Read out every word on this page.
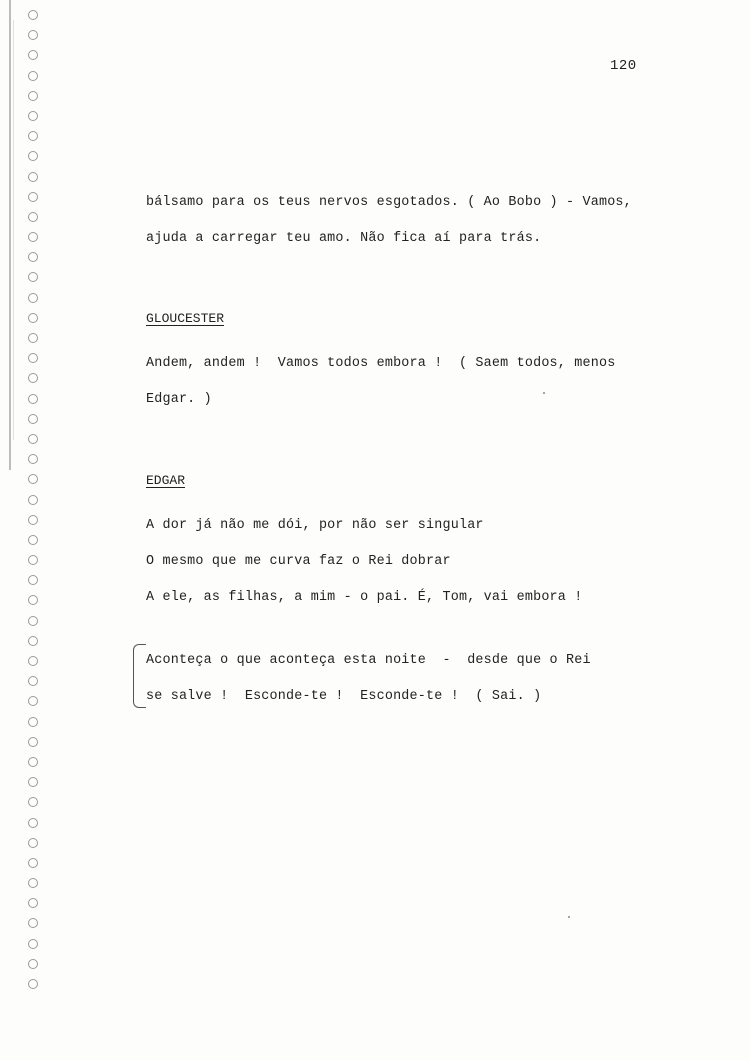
120
bálsamo para os teus nervos esgotados. ( Ao Bobo ) - Vamos,
ajuda a carregar teu amo. Não fica aí para trás.
GLOUCESTER
Andem, andem !  Vamos todos embora !  ( Saem todos, menos
Edgar. )
EDGAR
A dor já não me dói, por não ser singular
O mesmo que me curva faz o Rei dobrar
A ele, as filhas, a mim - o pai. É, Tom, vai embora !
Aconteça o que aconteça esta noite  -  desde que o Rei
se salve !  Esconde-te !  Esconde-te !  ( Sai. )
